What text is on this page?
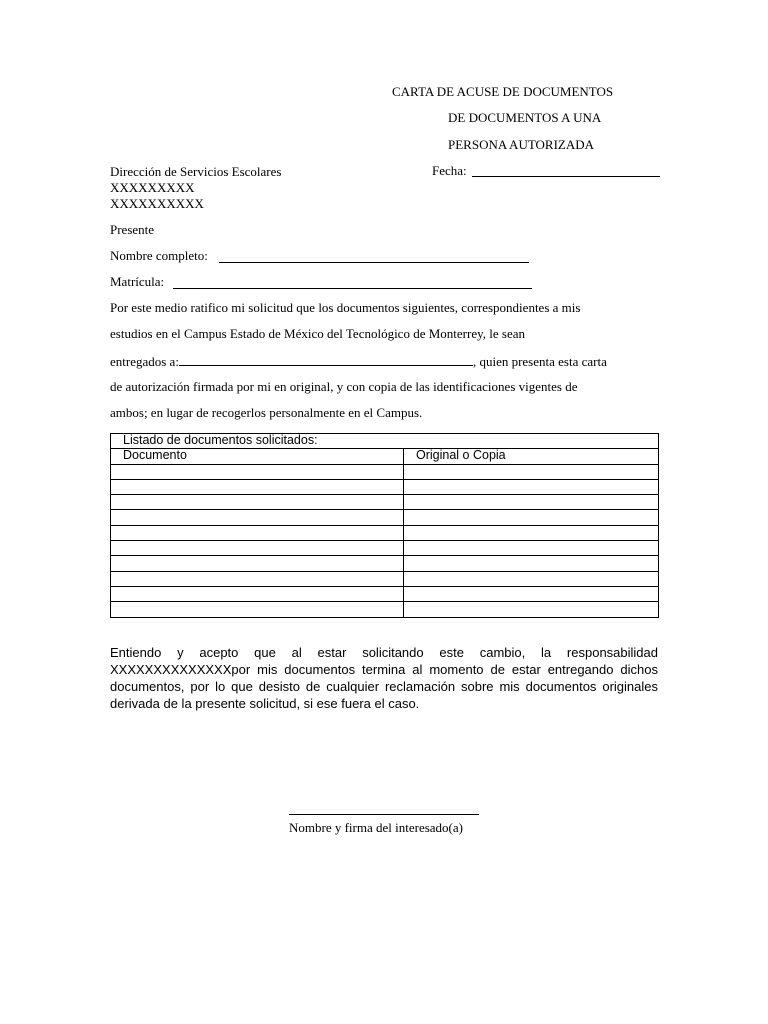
CARTA DE ACUSE DE DOCUMENTOS
DE DOCUMENTOS A UNA
PERSONA AUTORIZADA
Dirección de Servicios Escolares
XXXXXXXXX
XXXXXXXXXX
Fecha:
Presente
Nombre completo:
Matrícula:
Por este medio ratifico mi solicitud que los documentos siguientes, correspondientes a mis
estudios en el Campus Estado de México del Tecnológico de Monterrey, le sean
entregados a:	, quien presenta esta carta
de autorización firmada por mi en original, y con copia de las identificaciones vigentes de
ambos; en lugar de recogerlos personalmente en el Campus.
Listado de documentos solicitados:	
Documento	Original o Copia

Entiendo y acepto que al estar solicitando este cambio, la responsabilidad XXXXXXXXXXXXXXpor mis documentos termina al momento de estar entregando dichos documentos, por lo que desisto de cualquier reclamación sobre mis documentos originales derivada de la presente solicitud, si ese fuera el caso.
Nombre y firma del interesado(a)
